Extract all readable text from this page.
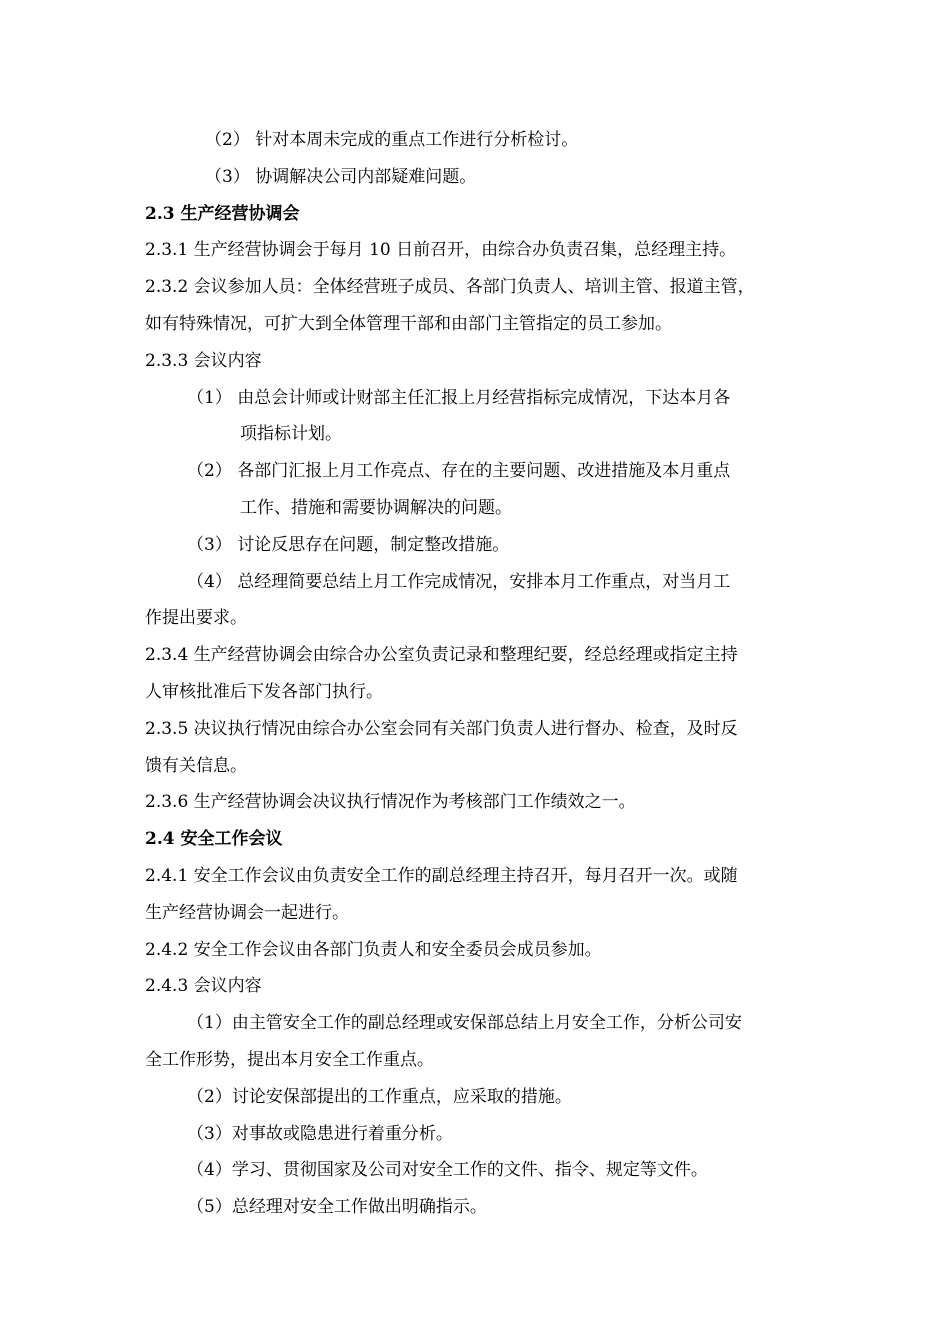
（2） 针对本周未完成的重点工作进行分析检讨。
（3） 协调解决公司内部疑难问题。
2.3 生产经营协调会
2.3.1 生产经营协调会于每月 10 日前召开，由综合办负责召集，总经理主持。
2.3.2 会议参加人员：全体经营班子成员、各部门负责人、培训主管、报道主管，
如有特殊情况，可扩大到全体管理干部和由部门主管指定的员工参加。
2.3.3 会议内容
（1） 由总会计师或计财部主任汇报上月经营指标完成情况，下达本月各
项指标计划。
（2） 各部门汇报上月工作亮点、存在的主要问题、改进措施及本月重点
工作、措施和需要协调解决的问题。
（3） 讨论反思存在问题，制定整改措施。
（4） 总经理简要总结上月工作完成情况，安排本月工作重点，对当月工
作提出要求。
2.3.4 生产经营协调会由综合办公室负责记录和整理纪要，经总经理或指定主持
人审核批准后下发各部门执行。
2.3.5 决议执行情况由综合办公室会同有关部门负责人进行督办、检查，及时反
馈有关信息。
2.3.6 生产经营协调会决议执行情况作为考核部门工作绩效之一。
2.4 安全工作会议
2.4.1 安全工作会议由负责安全工作的副总经理主持召开，每月召开一次。或随
生产经营协调会一起进行。
2.4.2 安全工作会议由各部门负责人和安全委员会成员参加。
2.4.3 会议内容
（1）由主管安全工作的副总经理或安保部总结上月安全工作，分析公司安
全工作形势，提出本月安全工作重点。
（2）讨论安保部提出的工作重点，应采取的措施。
（3）对事故或隐患进行着重分析。
（4）学习、贯彻国家及公司对安全工作的文件、指令、规定等文件。
（5）总经理对安全工作做出明确指示。
